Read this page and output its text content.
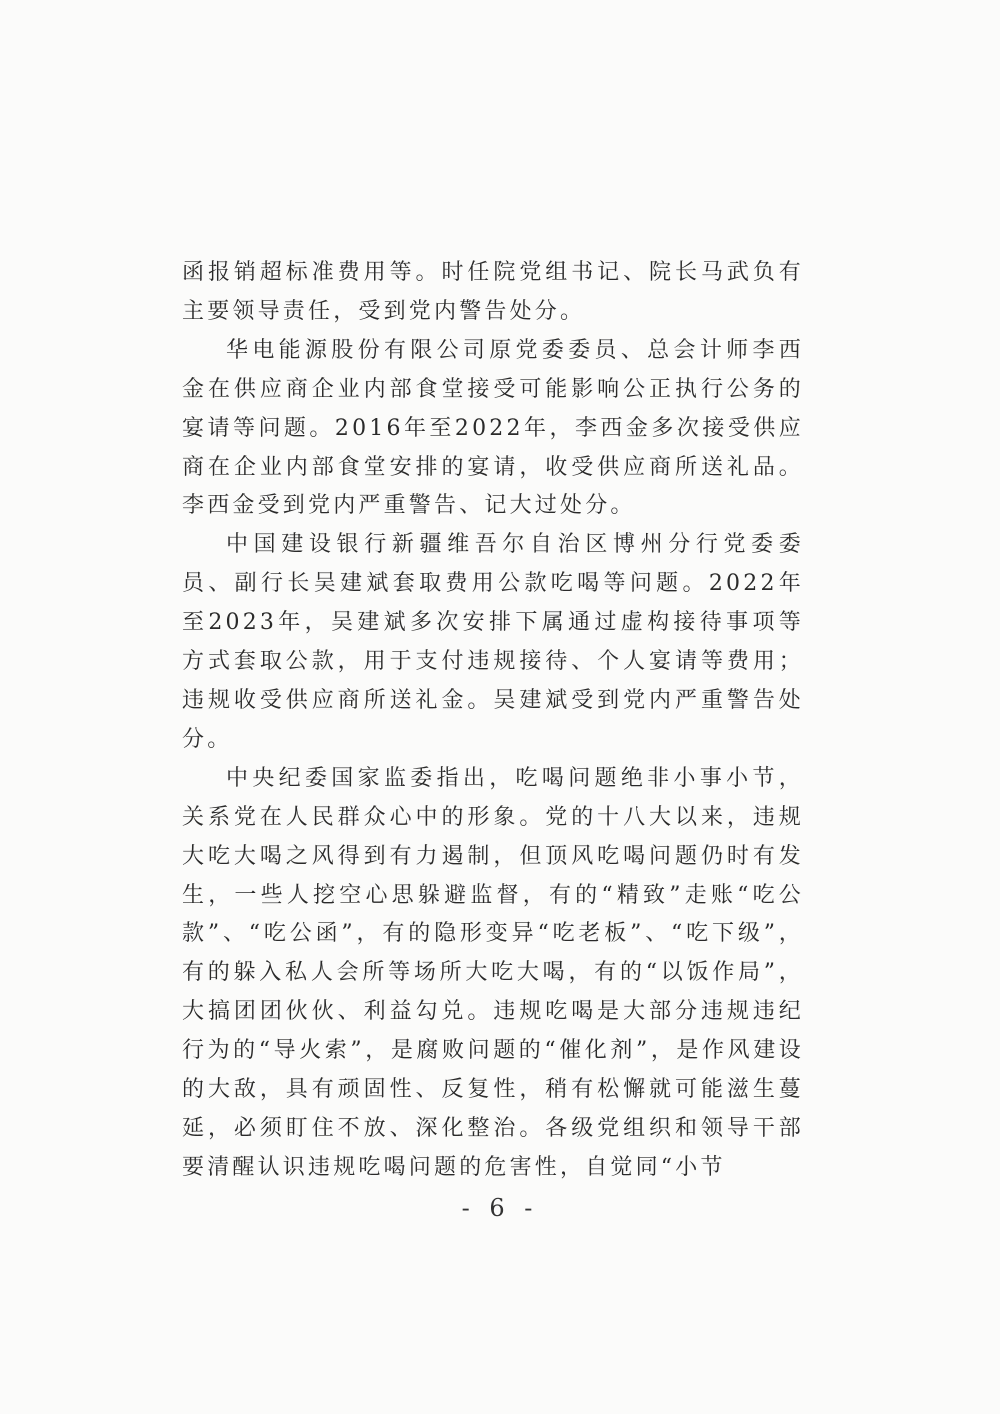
函报销超标准费用等。时任院党组书记、院长马武负有主要领导责任，受到党内警告处分。

华电能源股份有限公司原党委委员、总会计师李西金在供应商企业内部食堂接受可能影响公正执行公务的宴请等问题。2016年至2022年，李西金多次接受供应商在企业内部食堂安排的宴请，收受供应商所送礼品。李西金受到党内严重警告、记大过处分。

中国建设银行新疆维吾尔自治区博州分行党委委员、副行长吴建斌套取费用公款吃喝等问题。2022年至2023年，吴建斌多次安排下属通过虚构接待事项等方式套取公款，用于支付违规接待、个人宴请等费用；违规收受供应商所送礼金。吴建斌受到党内严重警告处分。

中央纪委国家监委指出，吃喝问题绝非小事小节，关系党在人民群众心中的形象。党的十八大以来，违规大吃大喝之风得到有力遏制，但顶风吃喝问题仍时有发生，一些人挖空心思躲避监督，有的“精致”走账“吃公款”、“吃公函”，有的隐形变异“吃老板”、“吃下级”，有的躲入私人会所等场所大吃大喝，有的“以饭作局”，大搞团团伙伙、利益勾兑。违规吃喝是大部分违规违纪行为的“导火索”，是腐败问题的“催化剂”，是作风建设的大敌，具有顽固性、反复性，稍有松懈就可能滋生蔓延，必须盯住不放、深化整治。各级党组织和领导干部要清醒认识违规吃喝问题的危害性，自觉同“小节

- 6 -
